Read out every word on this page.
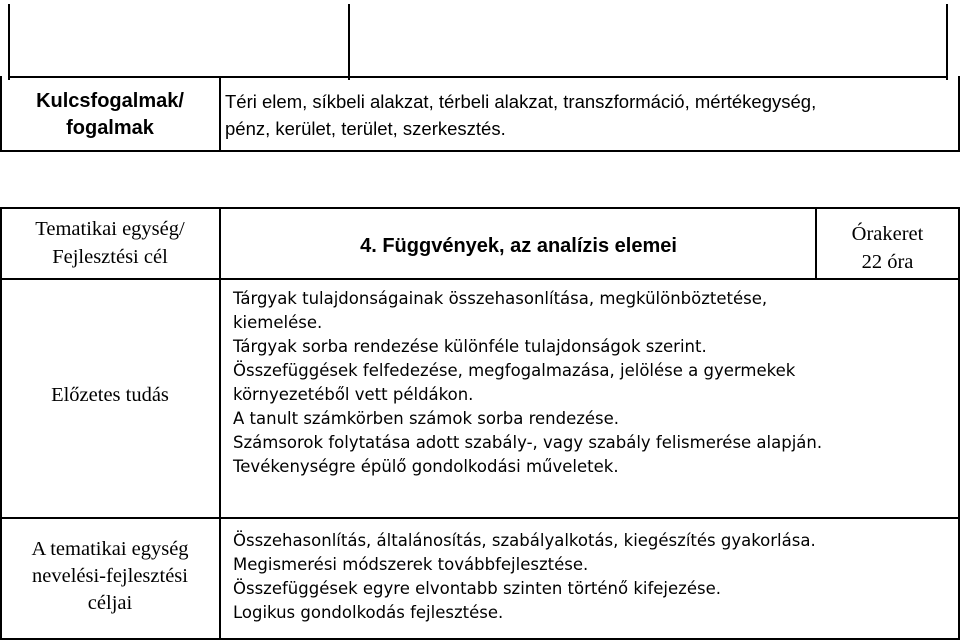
Kulcsfogalmak/
fogalmak
Téri elem, síkbeli alakzat, térbeli alakzat, transzformáció, mértékegység,
pénz, kerület, terület, szerkesztés.
Tematikai egység/
Fejlesztési cél	4. Függvények, az analízis elemei
Órakeret
22 óra
Előzetes tudás
Tárgyak tulajdonságainak összehasonlítása, megkülönböztetése,
kiemelése.
Tárgyak sorba rendezése különféle tulajdonságok szerint.
Összefüggések felfedezése, megfogalmazása, jelölése a gyermekek
környezetéből vett példákon.
A tanult számkörben számok sorba rendezése.
Számsorok folytatása adott szabály-, vagy szabály felismerése alapján.
Tevékenységre épülő gondolkodási műveletek.
A tematikai egység
nevelési-fejlesztési
céljai
Összehasonlítás, általánosítás, szabályalkotás, kiegészítés gyakorlása.
Megismerési módszerek továbbfejlesztése.
Összefüggések egyre elvontabb szinten történő kifejezése.
Logikus gondolkodás fejlesztése.
